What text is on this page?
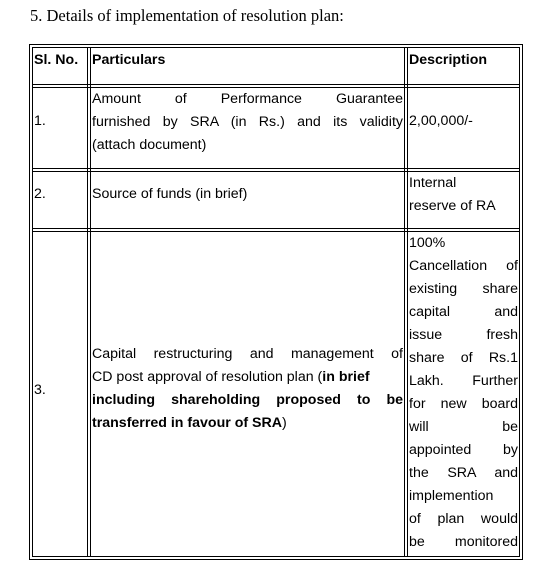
5. Details of implementation of resolution plan:
Sl. No. Particulars	Description
1.
Amount of Performance Guarantee
furnished by SRA (in Rs.) and its validity
(attach document)
2,00,000/-
2.	Source of funds (in brief)
Internal
reserve of RA
3.
Capital restructuring and management of
CD post approval of resolution plan (in brief
including shareholding proposed to be
transferred in favour of SRA)
100%
Cancellation of
existing share
capital and
issue fresh
share of Rs.1
Lakh. Further
for new board
will be
appointed by
the SRA and
implemention
of plan would
be monitored
